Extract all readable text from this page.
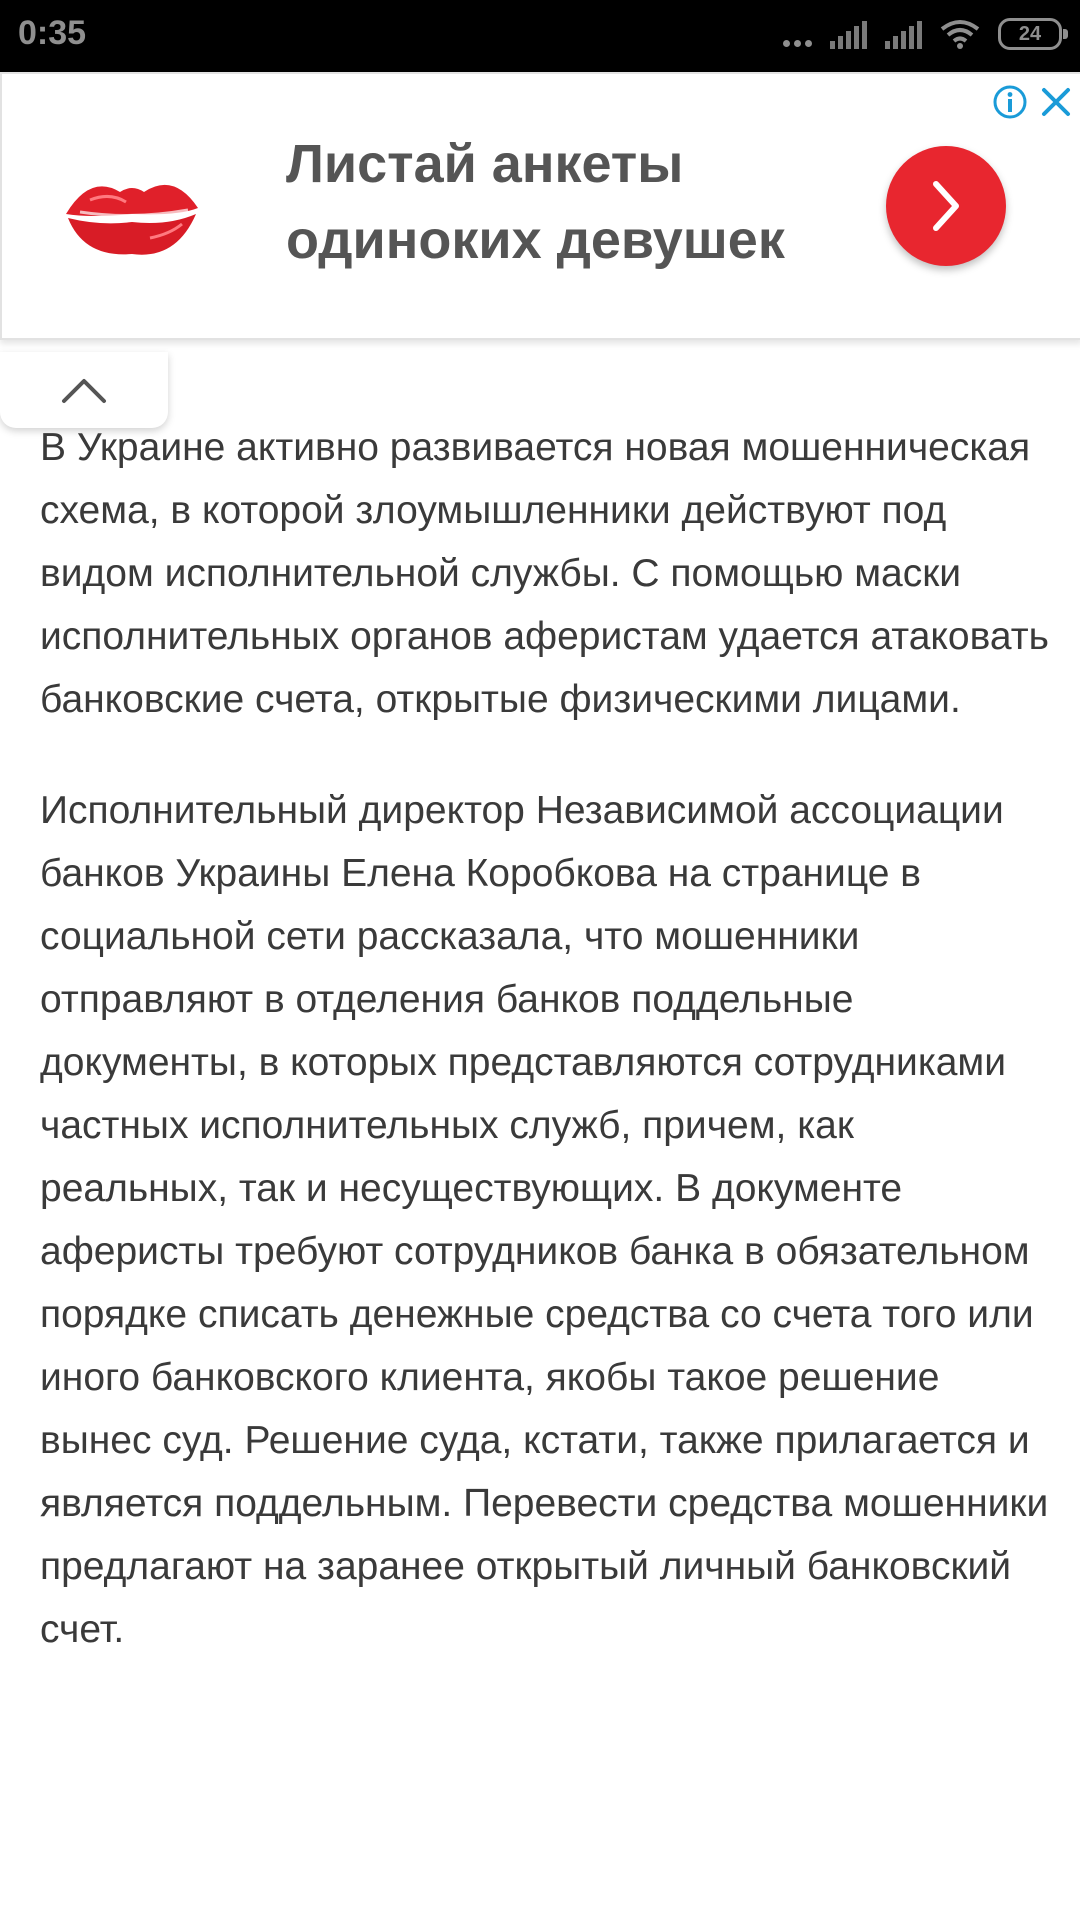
0:35	24
Листай анкеты одиноких девушек

В Украине активно развивается новая мошенническая схема, в которой злоумышленники действуют под видом исполнительной службы. С помощью маски исполнительных органов аферистам удается атаковать банковские счета, открытые физическими лицами.

Исполнительный директор Независимой ассоциации банков Украины Елена Коробкова на странице в социальной сети рассказала, что мошенники отправляют в отделения банков поддельные документы, в которых представляются сотрудниками частных исполнительных служб, причем, как реальных, так и несуществующих. В документе аферисты требуют сотрудников банка в обязательном порядке списать денежные средства со счета того или иного банковского клиента, якобы такое решение вынес суд. Решение суда, кстати, также прилагается и является поддельным. Перевести средства мошенники предлагают на заранее открытый личный банковский счет.
